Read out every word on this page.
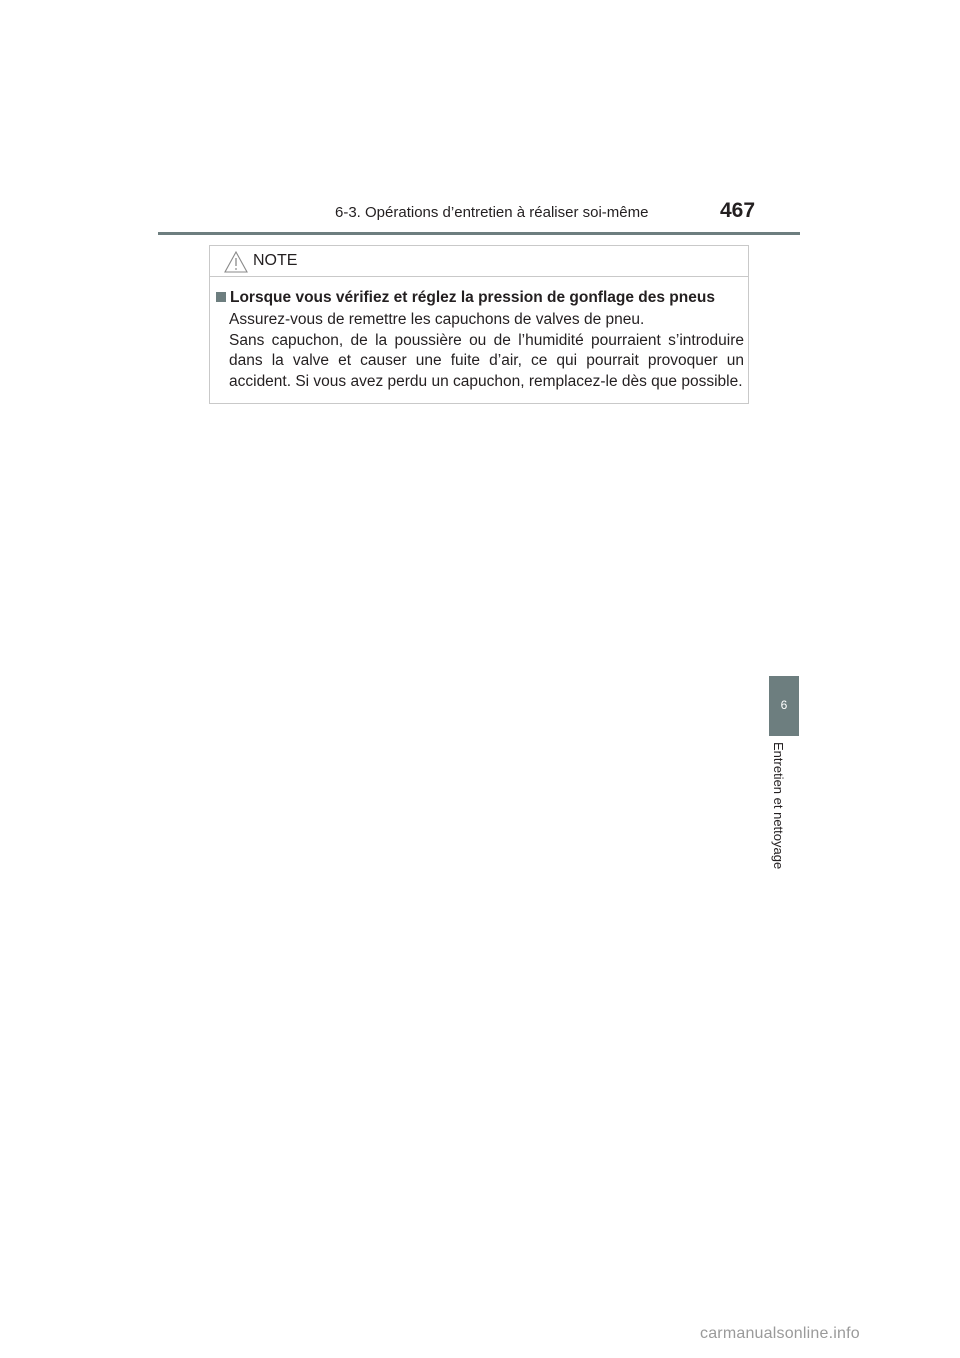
6-3. Opérations d’entretien à réaliser soi-même	467
NOTE
Lorsque vous vérifiez et réglez la pression de gonflage des pneus

Assurez-vous de remettre les capuchons de valves de pneu.

Sans capuchon, de la poussière ou de l’humidité pourraient s’introduire dans la valve et causer une fuite d’air, ce qui pourrait provoquer un accident. Si vous avez perdu un capuchon, remplacez-le dès que possible.

6
Entretien et nettoyage
carmanualsonline.info
